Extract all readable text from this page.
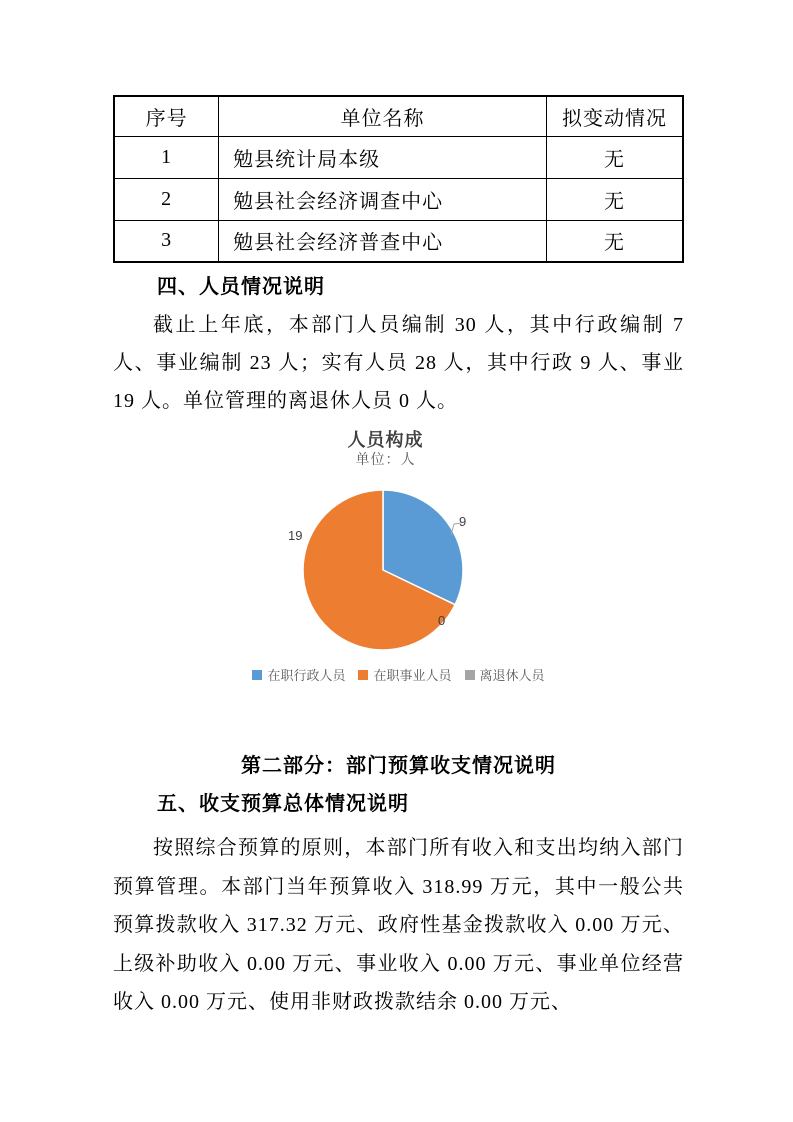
序号	单位名称	拟变动情况
1	勉县统计局本级	无
2	勉县社会经济调查中心	无
3	勉县社会经济普查中心	无
四、人员情况说明
截止上年底，本部门人员编制 30 人，其中行政编制 7 人、事业编制 23 人；实有人员 28 人，其中行政 9 人、事业 19 人。单位管理的离退休人员 0 人。
人员构成
单位：人
9
19
0
在职行政人员 在职事业人员 离退休人员
第二部分：部门预算收支情况说明
五、收支预算总体情况说明
按照综合预算的原则，本部门所有收入和支出均纳入部门预算管理。本部门当年预算收入 318.99 万元，其中一般公共预算拨款收入 317.32 万元、政府性基金拨款收入 0.00 万元、上级补助收入 0.00 万元、事业收入 0.00 万元、事业单位经营收入 0.00 万元、使用非财政拨款结余 0.00 万元、
